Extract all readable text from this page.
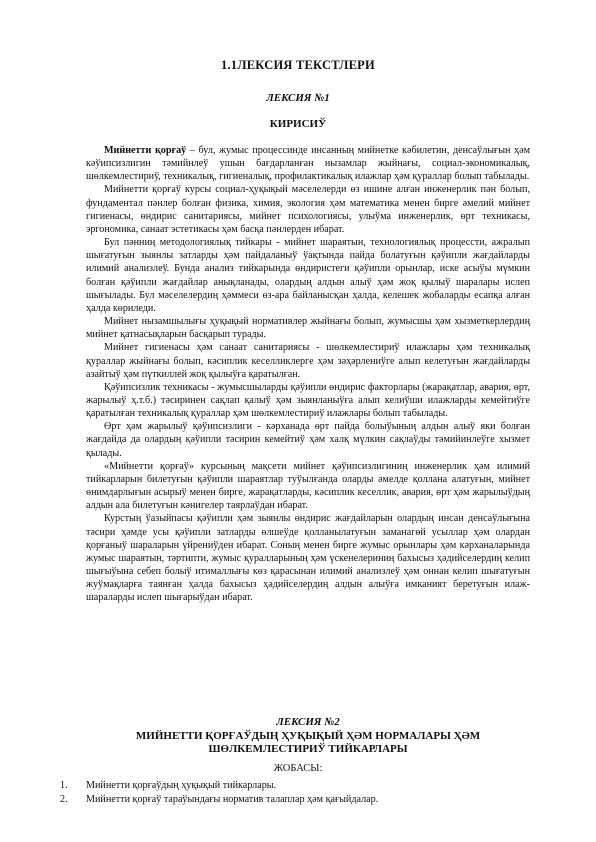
1.1ЛЕКСИЯ ТЕКСТЛЕРИ
ЛЕКСИЯ №1
КИРИСИЎ

Мийнетти қорғаў – бул, жумыс процессинде инсанның мийнетке кəбилетин, денсаўлығын ҳəм кəўипсизлигин тəмийнлеў ушын бағдарланған нызамлар жыйнағы, социал-экономикалық, шөлкемлестириў, техникалық, гигиеналық, профилактикалық илажлар ҳəм қураллар болып табылады.

Мийнетти қорғаў курсы социал-ҳуқықый мəселелерди өз ишине алған инженерлик пəн болып, фундаментал пəнлер болған физика, химия, экология ҳəм математика менен бирге əмелий мийнет гигиенасы, өндирис санитариясы, мийнет психологиясы, улыўма инженерлик, өрт техникасы, эргономика, санаат эстетикасы ҳəм басқа пəнлерден ибарат.

Бул пəнниң методологиялық тийкары - мийнет шараятын, технологиялық процессти, ажралып шығатуғын зыянлы затларды ҳəм пайдаланыў ўақтында пайда болатуғын қəўипли жағдайларды илимий анализлеў. Бунда анализ тийкарында өндиристеги қəўипли орынлар, иске асыўы мүмкин болған қəўипли жағдайлар анықланады, олардың алдын алыў ҳəм жоқ қылыў шаралары ислеп шығылады. Бул мəселелердиң ҳəммеси өз-ара байланысқан ҳалда, келешек жобаларды есапқа алған ҳалда көриледи.

Мийнет нызамшылығы ҳуқықый нормативлер жыйнағы болып, жумысшы ҳəм хызметкерлердиң мийнет қатнасықларын басқарып турады.

Мийнет гигиенасы ҳəм санаат санитариясы - шөлкемлестириў илажлары ҳəм техникалық қураллар жыйнағы болып, кəсиплик кеселликлерге ҳəм зəҳəрлениўге алып келетуғын жағдайларды азайтыў ҳəм пүткиллей жоқ қылыўға қаратылған.

Қəўипсизлик техникасы - жумысшыларды қəўипли өндирис факторлары (жарақатлар, авария, өрт, жарылыў ҳ.т.б.) тəсиринен сақлап қалыў ҳəм зыянланыўға алып келиўши илажларды кемейтиўге қаратылған техникалық қураллар ҳəм шөлкемлестириў илажлары болып табылады.

Өрт ҳəм жарылыў қəўипсизлиги - кəрханада өрт пайда болыўының алдын алыў яки болған жағдайда да олардың қəўипли тəсирин кемейтиў ҳəм халқ мүлкин сақлаўды тəмийинлеўге хызмет қылады.

«Мийнетти қорғаў» курсының мақсети мийнет қəўипсизлигиниң инженерлик ҳəм илимий тийкарларын билетуғын қəўипли шараятлар туўылғанда оларды əмелде қоллана алатуғын, мийнет өнимдарлығын асырыў менен бирге, жарақатларды, кəсиплик кеселлик, авария, өрт ҳəм жарылыўдың алдын ала билетуғын кəнигелер таярлаўдан ибарат.

Курстың ўазыйпасы қəўипли ҳəм зыянлы өндирис жағдайларын олардың инсан денсаўлығына тəсири ҳəмде усы қəўипли затларды өлшеўде қолланылатуғын заманагөй усыллар ҳəм олардан қорғаныў шараларын үйрениўден ибарат. Соның менен бирге жумыс орынлары ҳəм кəрханаларында жумыс шараятын, тəртипти, жумыс қуралларының ҳəм үскенелериниң бахысыз ҳəдийселердиң келип шығыўына себеп болыў итималлығы көз қарасынан илимий анализлеў ҳəм оннан келип шығатуғын жуўмақларға таянған ҳалда бахысыз ҳəдийселердиң алдын алыўға имканият беретуғын илаж-шараларды ислеп шығарыўдан ибарат.

ЛЕКСИЯ №2
МИЙНЕТТИ ҚОРҒАЎДЫҢ ҲУҚЫҚЫЙ ҲƏМ НОРМАЛАРЫ ҲƏМ ШӨЛКЕМЛЕСТИРИЎ ТИЙКАРЛАРЫ
ЖОБАСЫ:
1. Мийнетти қорғаўдың ҳуқықый тийкарлары.
2. Мийнетти қорғаў тараўындағы норматив талаплар ҳəм қағыйдалар.
